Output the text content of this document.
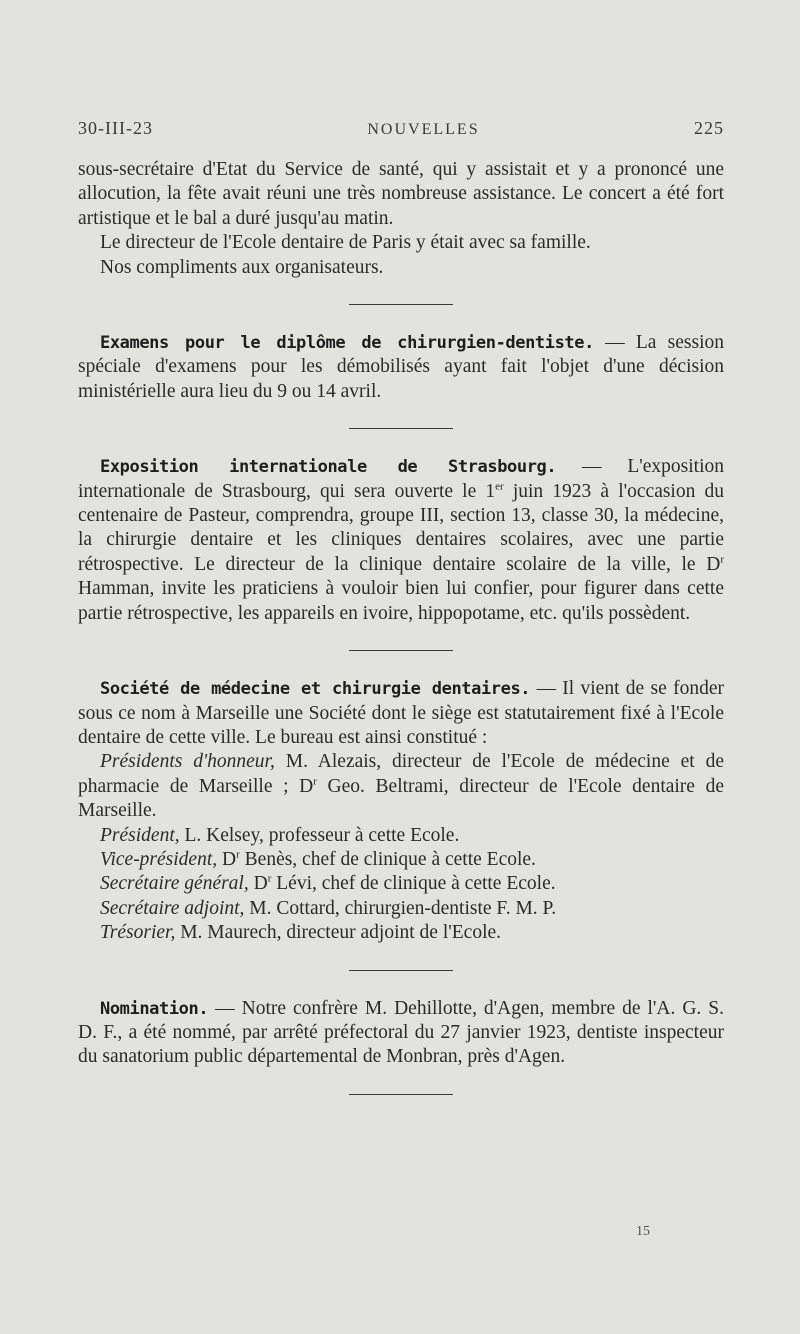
30-III-23	NOUVELLES	225

sous-secrétaire d'Etat du Service de santé, qui y assistait et y a prononcé une allocution, la fête avait réuni une très nombreuse assistance. Le concert a été fort artistique et le bal a duré jusqu'au matin.

Le directeur de l'Ecole dentaire de Paris y était avec sa famille.

Nos compliments aux organisateurs.

Examens pour le diplôme de chirurgien-dentiste. — La session spéciale d'examens pour les démobilisés ayant fait l'objet d'une décision ministérielle aura lieu du 9 ou 14 avril.

Exposition internationale de Strasbourg. — L'exposition internationale de Strasbourg, qui sera ouverte le 1er juin 1923 à l'occasion du centenaire de Pasteur, comprendra, groupe III, section 13, classe 30, la médecine, la chirurgie dentaire et les cliniques dentaires scolaires, avec une partie rétrospective. Le directeur de la clinique dentaire scolaire de la ville, le $D^r$ Hamman, invite les praticiens à vouloir bien lui confier, pour figurer dans cette partie rétrospective, les appareils en ivoire, hippopotame, etc. qu'ils possèdent.

Société de médecine et chirurgie dentaires. — Il vient de se fonder sous ce nom à Marseille une Société dont le siège est statutairement fixé à l'Ecole dentaire de cette ville. Le bureau est ainsi constitué :

Présidents d'honneur, M. Alezais, directeur de l'Ecole de médecine et de pharmacie de Marseille ; $D^r$ Geo. Beltrami, directeur de l'Ecole dentaire de Marseille.

Président, L. Kelsey, professeur à cette Ecole.

Vice-président, $D^r$ Benès, chef de clinique à cette Ecole.

Secrétaire général, $D^r$ Lévi, chef de clinique à cette Ecole.

Secrétaire adjoint, M. Cottard, chirurgien-dentiste F. M. P.

Trésorier, M. Maurech, directeur adjoint de l'Ecole.

Nomination. — Notre confrère M. Dehillotte, d'Agen, membre de l'A. G. S. D. F., a été nommé, par arrêté préfectoral du 27 janvier 1923, dentiste inspecteur du sanatorium public départemental de Monbran, près d'Agen.

15
